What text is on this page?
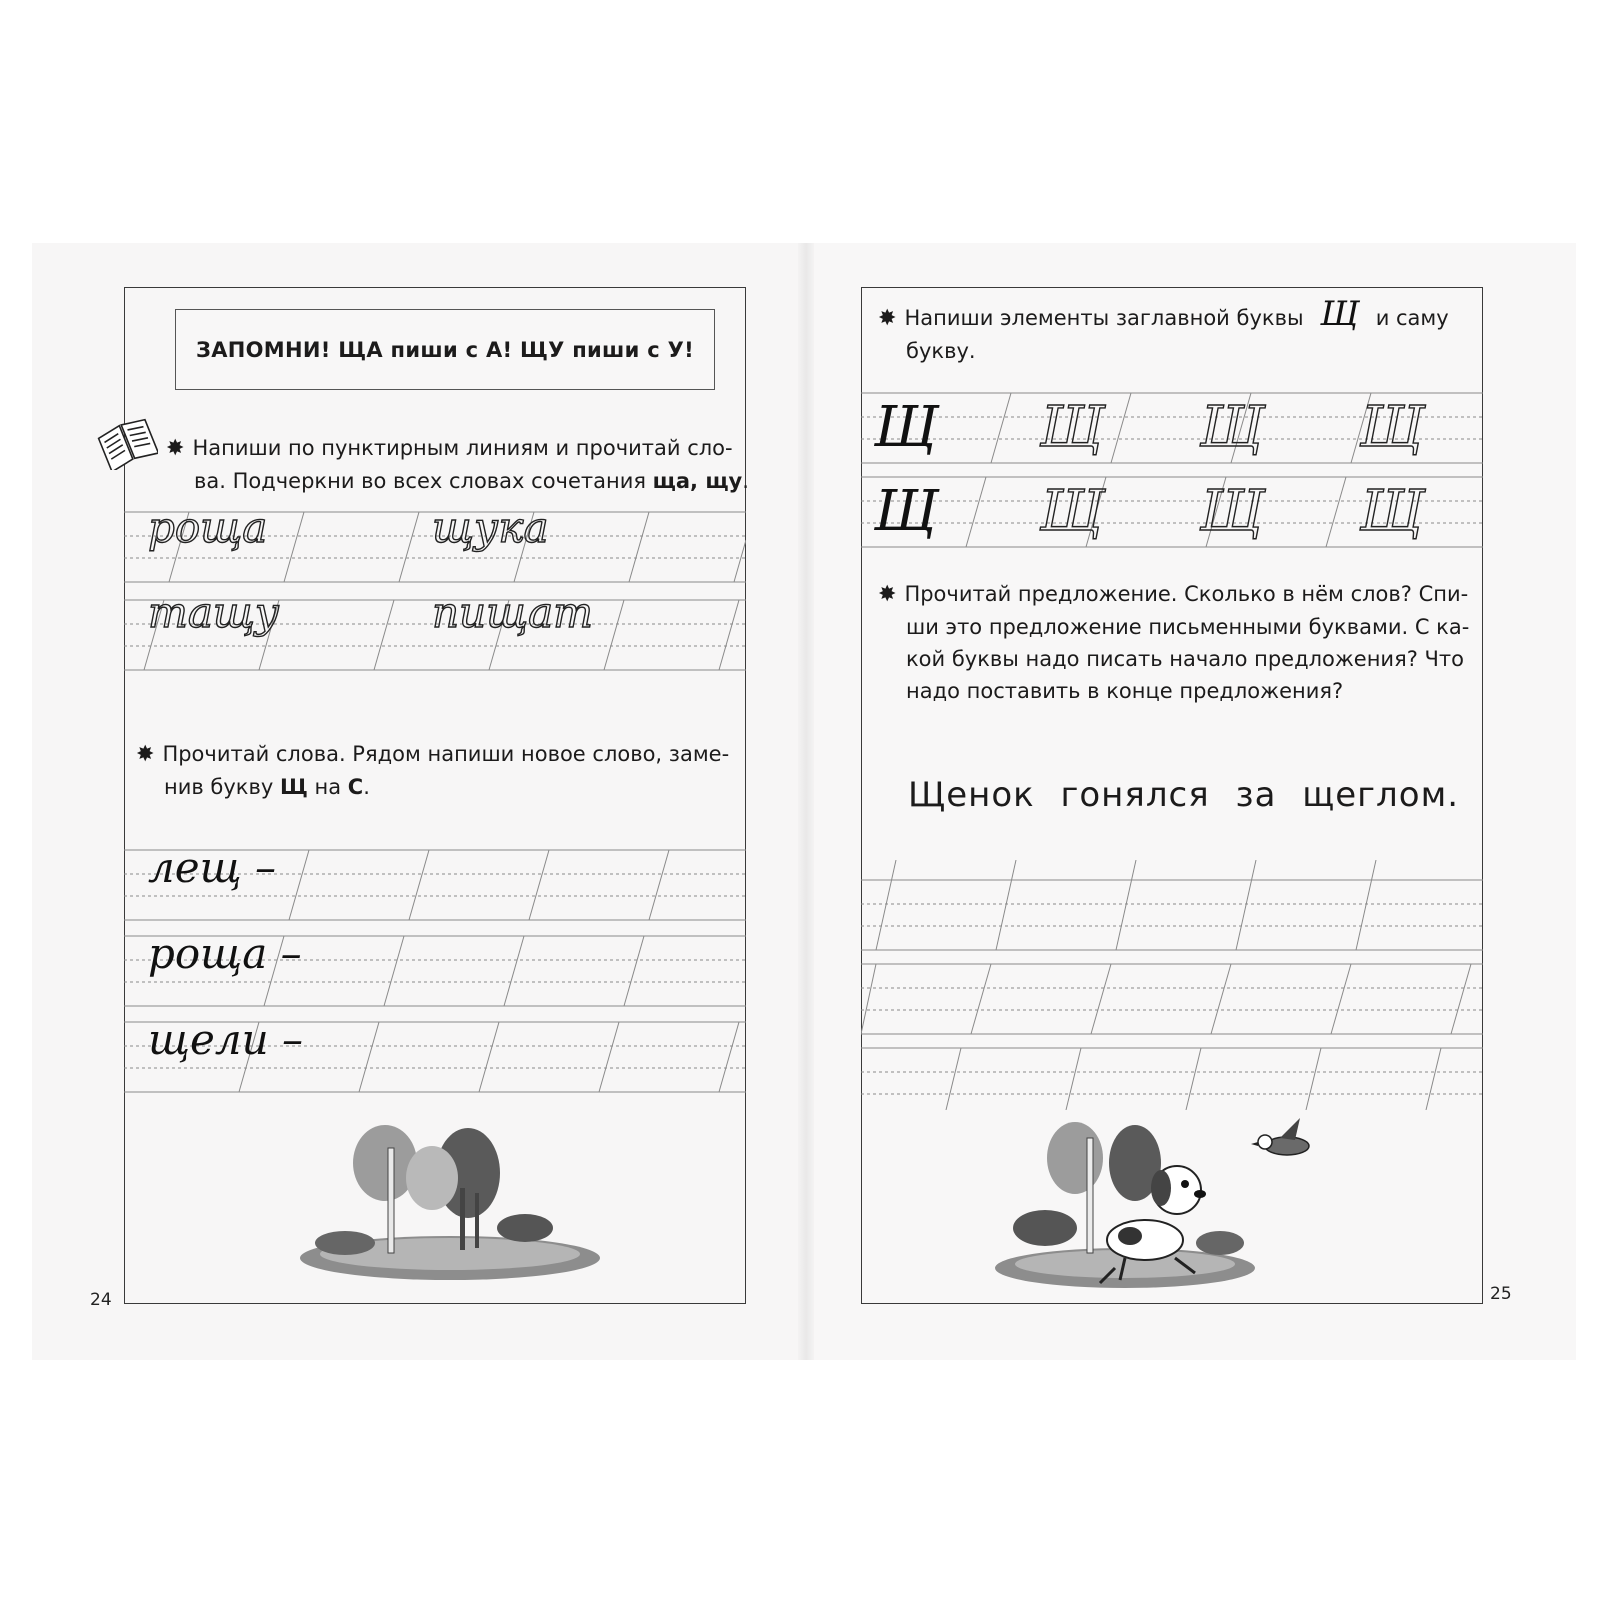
ЗАПОМНИ!
ЩА пиши с А! ЩУ пиши с У!
✸ Напиши по пунктирным линиям и прочитай сло-
ва. Подчеркни во всех словах сочетания ща, щу.
роща	щука
тащу	пищат
✸ Прочитай слова. Рядом напиши новое слово, заме-
нив букву Щ на С.
лещ –
роща –
щели –
24
✸ Напиши элементы заглавной буквы Щ и саму
букву.
Щ Щ Щ Щ
Щ Щ Щ Щ
✸ Прочитай предложение. Сколько в нём слов? Спи-
ши это предложение письменными буквами. С ка-
кой буквы надо писать начало предложения? Что
надо поставить в конце предложения?
Щенок гонялся за щеглом.
25
